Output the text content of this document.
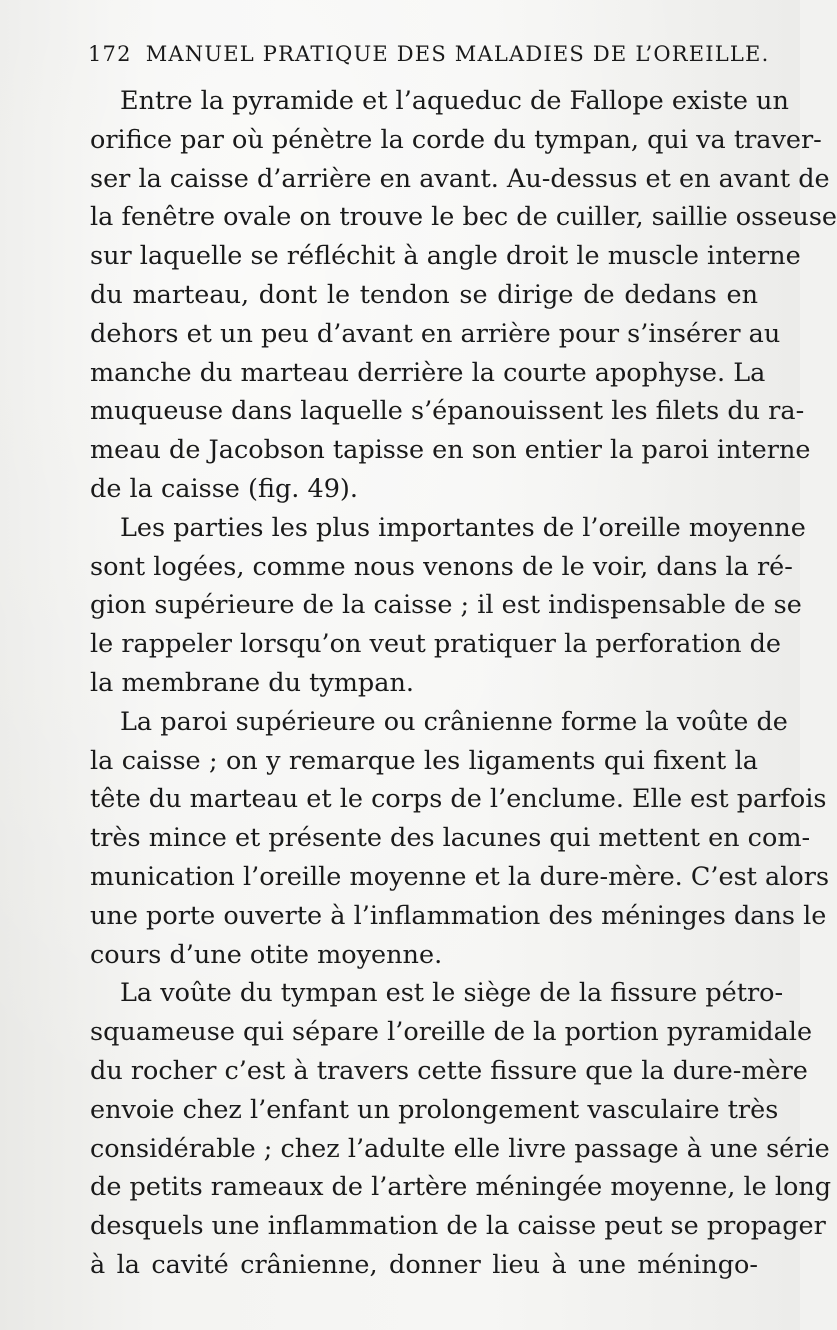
172 MANUEL PRATIQUE DES MALADIES DE L’OREILLE.
Entre la pyramide et l’aqueduc de Fallope existe un
orifice par où pénètre la corde du tympan, qui va traver-
ser la caisse d’arrière en avant. Au-dessus et en avant de
la fenêtre ovale on trouve le bec de cuiller, saillie osseuse
sur laquelle se réfléchit à angle droit le muscle interne
du marteau, dont le tendon se dirige de dedans en
dehors et un peu d’avant en arrière pour s’insérer au
manche du marteau derrière la courte apophyse. La
muqueuse dans laquelle s’épanouissent les filets du ra-
meau de Jacobson tapisse en son entier la paroi interne
de la caisse (fig. 49).
Les parties les plus importantes de l’oreille moyenne
sont logées, comme nous venons de le voir, dans la ré-
gion supérieure de la caisse ; il est indispensable de se
le rappeler lorsqu’on veut pratiquer la perforation de
la membrane du tympan.
La paroi supérieure ou crânienne forme la voûte de
la caisse ; on y remarque les ligaments qui fixent la
tête du marteau et le corps de l’enclume. Elle est parfois
très mince et présente des lacunes qui mettent en com-
munication l’oreille moyenne et la dure-mère. C’est alors
une porte ouverte à l’inflammation des méninges dans le
cours d’une otite moyenne.
La voûte du tympan est le siège de la fissure pétro-
squameuse qui sépare l’oreille de la portion pyramidale
du rocher c’est à travers cette fissure que la dure-mère
envoie chez l’enfant un prolongement vasculaire très
considérable ; chez l’adulte elle livre passage à une série
de petits rameaux de l’artère méningée moyenne, le long
desquels une inflammation de la caisse peut se propager
à la cavité crânienne, donner lieu à une méningo-
